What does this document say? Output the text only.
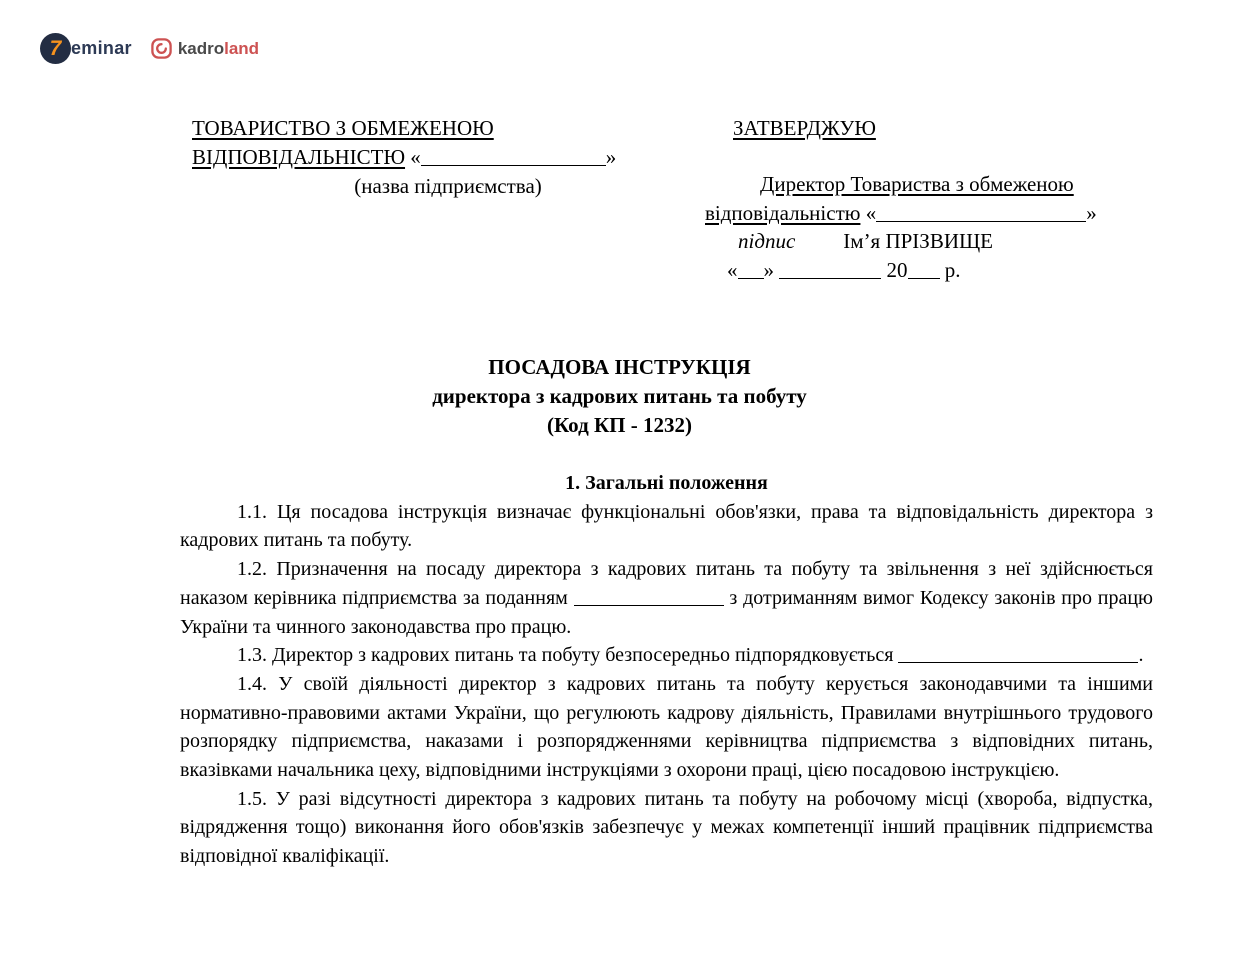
7 eminar	kadroland
ТОВАРИСТВО З ОБМЕЖЕНОЮ
ВІДПОВІДАЛЬНІСТЮ «	»
(назва підприємства)
ЗАТВЕРДЖУЮ
Директор Товариства з обмеженою
відповідальністю «	»
підпис Ім’я ПРІЗВИЩЕ
« »	20 р.
ПОСАДОВА ІНСТРУКЦІЯ
директора з кадрових питань та побуту
(Код КП - 1232)
1. Загальні положення

1.1. Ця посадова інструкція визначає функціональні обов'язки, права та відповідальність директора з кадрових питань та побуту.

1.2. Призначення на посаду директора з кадрових питань та побуту та звільнення з неї здійснюється наказом керівника підприємства за поданням	з дотриманням вимог Кодексу законів про працю України та чинного законодавства про працю.

1.3. Директор з кадрових питань та побуту безпосередньо підпорядковується	.

1.4. У своїй діяльності директор з кадрових питань та побуту керується законодавчими та іншими нормативно-правовими актами України, що регулюють кадрову діяльність, Правилами внутрішнього трудового розпорядку підприємства, наказами і розпорядженнями керівництва підприємства з відповідних питань, вказівками начальника цеху, відповідними інструкціями з охорони праці, цією посадовою інструкцією.

1.5. У разі відсутності директора з кадрових питань та побуту на робочому місці (хвороба, відпустка, відрядження тощо) виконання його обов'язків забезпечує у межах компетенції інший працівник підприємства відповідної кваліфікації.
